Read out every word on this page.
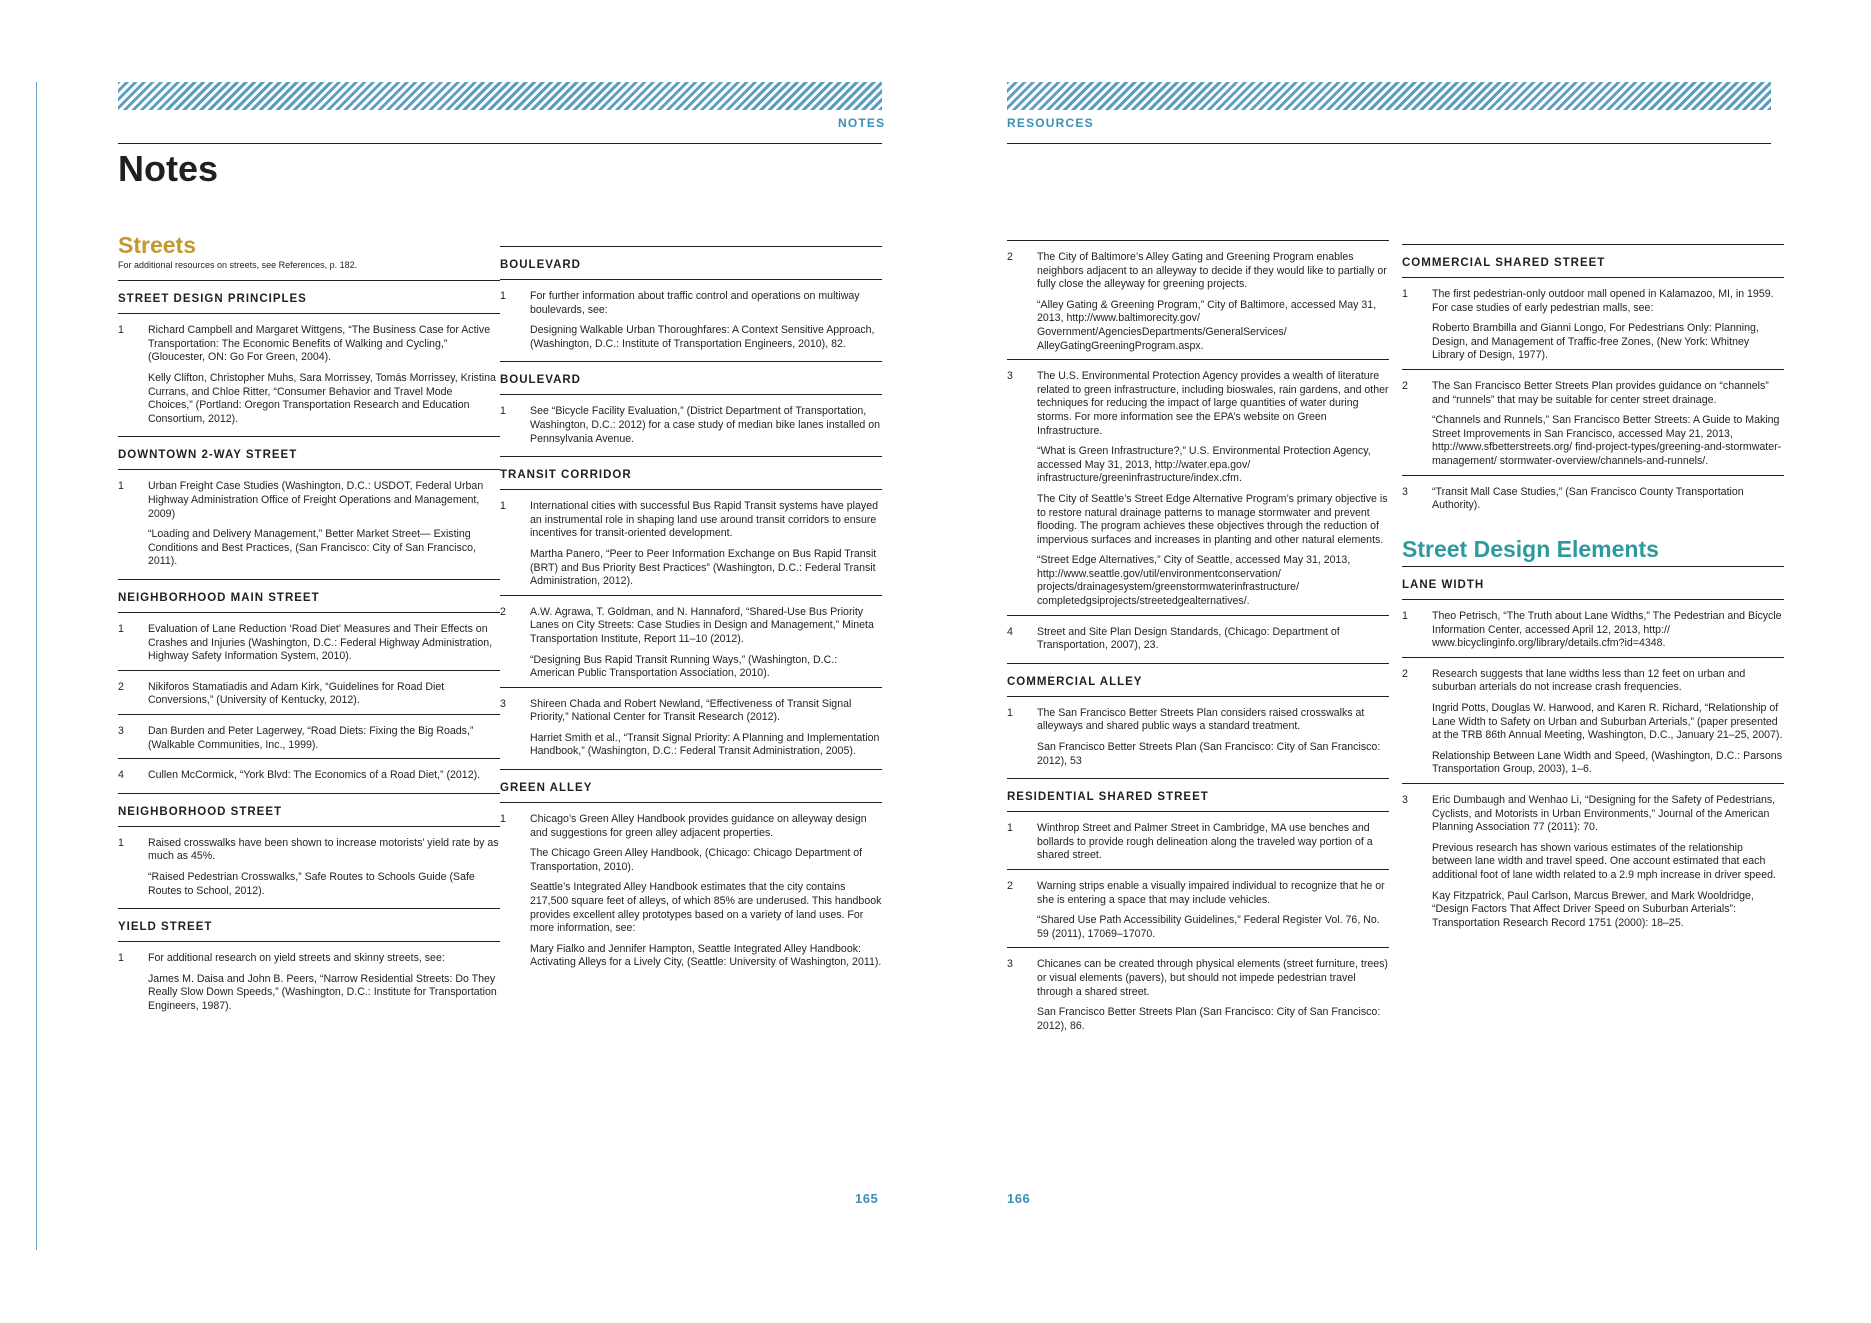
NOTES
Notes
Streets
For additional resources on streets, see References, p. 182.
STREET DESIGN PRINCIPLES
1	Richard Campbell and Margaret Wittgens, “The Business Case for Active Transportation: The Economic Benefits of Walking and Cycling,” (Gloucester, ON: Go For Green, 2004).

Kelly Clifton, Christopher Muhs, Sara Morrissey, Tomás Morrissey, Kristina Currans, and Chloe Ritter, “Consumer Behavior and Travel Mode Choices,” (Portland: Oregon Transportation Research and Education Consortium, 2012).

DOWNTOWN 2-WAY STREET
1	Urban Freight Case Studies (Washington, D.C.: USDOT, Federal Urban Highway Administration Office of Freight Operations and Management, 2009)

“Loading and Delivery Management,” Better Market Street— Existing Conditions and Best Practices, (San Francisco: City of San Francisco, 2011).

NEIGHBORHOOD MAIN STREET
1	Evaluation of Lane Reduction ‘Road Diet’ Measures and Their Effects on Crashes and Injuries (Washington, D.C.: Federal Highway Administration, Highway Safety Information System, 2010).

2	Nikiforos Stamatiadis and Adam Kirk, “Guidelines for Road Diet Conversions,” (University of Kentucky, 2012).

3	Dan Burden and Peter Lagerwey, “Road Diets: Fixing the Big Roads,” (Walkable Communities, Inc., 1999).

4	Cullen McCormick, “York Blvd: The Economics of a Road Diet,” (2012).

NEIGHBORHOOD STREET
1	Raised crosswalks have been shown to increase motorists’ yield rate by as much as 45%.

“Raised Pedestrian Crosswalks,” Safe Routes to Schools Guide (Safe Routes to School, 2012).

YIELD STREET
1	For additional research on yield streets and skinny streets, see:

James M. Daisa and John B. Peers, “Narrow Residential Streets: Do They Really Slow Down Speeds,” (Washington, D.C.: Institute for Transportation Engineers, 1987).

BOULEVARD
1	For further information about traffic control and operations on multiway boulevards, see:

Designing Walkable Urban Thoroughfares: A Context Sensitive Approach, (Washington, D.C.: Institute of Transportation Engineers, 2010), 82.

BOULEVARD
1	See “Bicycle Facility Evaluation,” (District Department of Transportation, Washington, D.C.: 2012) for a case study of median bike lanes installed on Pennsylvania Avenue.

TRANSIT CORRIDOR
1	International cities with successful Bus Rapid Transit systems have played an instrumental role in shaping land use around transit corridors to ensure incentives for transit-oriented development.

Martha Panero, “Peer to Peer Information Exchange on Bus Rapid Transit (BRT) and Bus Priority Best Practices” (Washington, D.C.: Federal Transit Administration, 2012).

2	A.W. Agrawa, T. Goldman, and N. Hannaford, “Shared-Use Bus Priority Lanes on City Streets: Case Studies in Design and Management,” Mineta Transportation Institute, Report 11–10 (2012).

“Designing Bus Rapid Transit Running Ways,” (Washington, D.C.: American Public Transportation Association, 2010).

3	Shireen Chada and Robert Newland, “Effectiveness of Transit Signal Priority,” National Center for Transit Research (2012).

Harriet Smith et al., “Transit Signal Priority: A Planning and Implementation Handbook,” (Washington, D.C.: Federal Transit Administration, 2005).

GREEN ALLEY
1	Chicago’s Green Alley Handbook provides guidance on alleyway design and suggestions for green alley adjacent properties.

The Chicago Green Alley Handbook, (Chicago: Chicago Department of Transportation, 2010).

Seattle’s Integrated Alley Handbook estimates that the city contains 217,500 square feet of alleys, of which 85% are underused. This handbook provides excellent alley prototypes based on a variety of land uses. For more information, see:

Mary Fialko and Jennifer Hampton, Seattle Integrated Alley Handbook: Activating Alleys for a Lively City, (Seattle: University of Washington, 2011).

165
RESOURCES
2	The City of Baltimore’s Alley Gating and Greening Program enables neighbors adjacent to an alleyway to decide if they would like to partially or fully close the alleyway for greening projects.

“Alley Gating & Greening Program,” City of Baltimore, accessed May 31, 2013, http://www.baltimorecity.gov/ Government/AgenciesDepartments/GeneralServices/ AlleyGatingGreeningProgram.aspx.

3	The U.S. Environmental Protection Agency provides a wealth of literature related to green infrastructure, including bioswales, rain gardens, and other techniques for reducing the impact of large quantities of water during storms. For more information see the EPA’s website on Green Infrastructure.

“What is Green Infrastructure?,” U.S. Environmental Protection Agency, accessed May 31, 2013, http://water.epa.gov/ infrastructure/greeninfrastructure/index.cfm.

The City of Seattle’s Street Edge Alternative Program’s primary objective is to restore natural drainage patterns to manage stormwater and prevent flooding. The program achieves these objectives through the reduction of impervious surfaces and increases in planting and other natural elements.

“Street Edge Alternatives,” City of Seattle, accessed May 31, 2013, http://www.seattle.gov/util/environmentconservation/ projects/drainagesystem/greenstormwaterinfrastructure/ completedgsiprojects/streetedgealternatives/.

4	Street and Site Plan Design Standards, (Chicago: Department of Transportation, 2007), 23.

COMMERCIAL ALLEY
1	The San Francisco Better Streets Plan considers raised crosswalks at alleyways and shared public ways a standard treatment.

San Francisco Better Streets Plan (San Francisco: City of San Francisco: 2012), 53

RESIDENTIAL SHARED STREET
1	Winthrop Street and Palmer Street in Cambridge, MA use benches and bollards to provide rough delineation along the traveled way portion of a shared street.

2	Warning strips enable a visually impaired individual to recognize that he or she is entering a space that may include vehicles.

“Shared Use Path Accessibility Guidelines,” Federal Register Vol. 76, No. 59 (2011), 17069–17070.

3	Chicanes can be created through physical elements (street furniture, trees) or visual elements (pavers), but should not impede pedestrian travel through a shared street.

San Francisco Better Streets Plan (San Francisco: City of San Francisco: 2012), 86.

COMMERCIAL SHARED STREET
1	The first pedestrian-only outdoor mall opened in Kalamazoo, MI, in 1959. For case studies of early pedestrian malls, see:

Roberto Brambilla and Gianni Longo, For Pedestrians Only: Planning, Design, and Management of Traffic-free Zones, (New York: Whitney Library of Design, 1977).

2	The San Francisco Better Streets Plan provides guidance on “channels” and “runnels” that may be suitable for center street drainage.

“Channels and Runnels,” San Francisco Better Streets: A Guide to Making Street Improvements in San Francisco, accessed May 21, 2013, http://www.sfbetterstreets.org/ find-project-types/greening-and-stormwater-management/ stormwater-overview/channels-and-runnels/.

3	“Transit Mall Case Studies,” (San Francisco County Transportation Authority).

Street Design Elements
LANE WIDTH
1	Theo Petrisch, “The Truth about Lane Widths,” The Pedestrian and Bicycle Information Center, accessed April 12, 2013, http:// www.bicyclinginfo.org/library/details.cfm?id=4348.

2	Research suggests that lane widths less than 12 feet on urban and suburban arterials do not increase crash frequencies.

Ingrid Potts, Douglas W. Harwood, and Karen R. Richard, “Relationship of Lane Width to Safety on Urban and Suburban Arterials,” (paper presented at the TRB 86th Annual Meeting, Washington, D.C., January 21–25, 2007).

Relationship Between Lane Width and Speed, (Washington, D.C.: Parsons Transportation Group, 2003), 1–6.

3	Eric Dumbaugh and Wenhao Li, “Designing for the Safety of Pedestrians, Cyclists, and Motorists in Urban Environments,” Journal of the American Planning Association 77 (2011): 70.

Previous research has shown various estimates of the relationship between lane width and travel speed. One account estimated that each additional foot of lane width related to a 2.9 mph increase in driver speed.

Kay Fitzpatrick, Paul Carlson, Marcus Brewer, and Mark Wooldridge, “Design Factors That Affect Driver Speed on Suburban Arterials”: Transportation Research Record 1751 (2000): 18–25.

166
